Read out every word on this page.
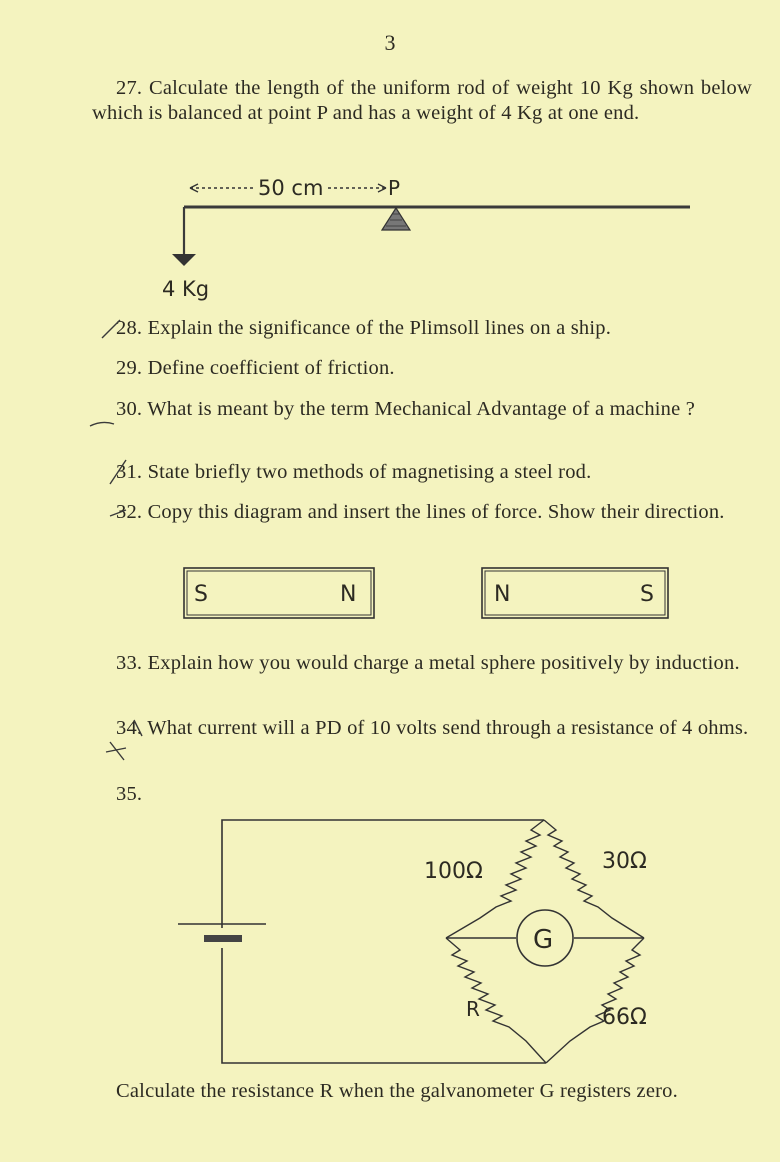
3
27. Calculate the length of the uniform rod of weight 10 Kg shown below which is balanced at point P and has a weight of 4 Kg at one end.
50 cm	P
4 Kg
28. Explain the significance of the Plimsoll lines on a ship.
29. Define coefficient of friction.
30. What is meant by the term Mechanical Advantage of a machine ?
31. State briefly two methods of magnetising a steel rod.
32. Copy this diagram and insert the lines of force. Show their direction.
S	N	N	S
33. Explain how you would charge a metal sphere positively by induction.
34. What current will a PD of 10 volts send through a resistance of 4 ohms.
35.
G
100Ω	30Ω
R	66Ω
Calculate the resistance R when the galvanometer G registers zero.
